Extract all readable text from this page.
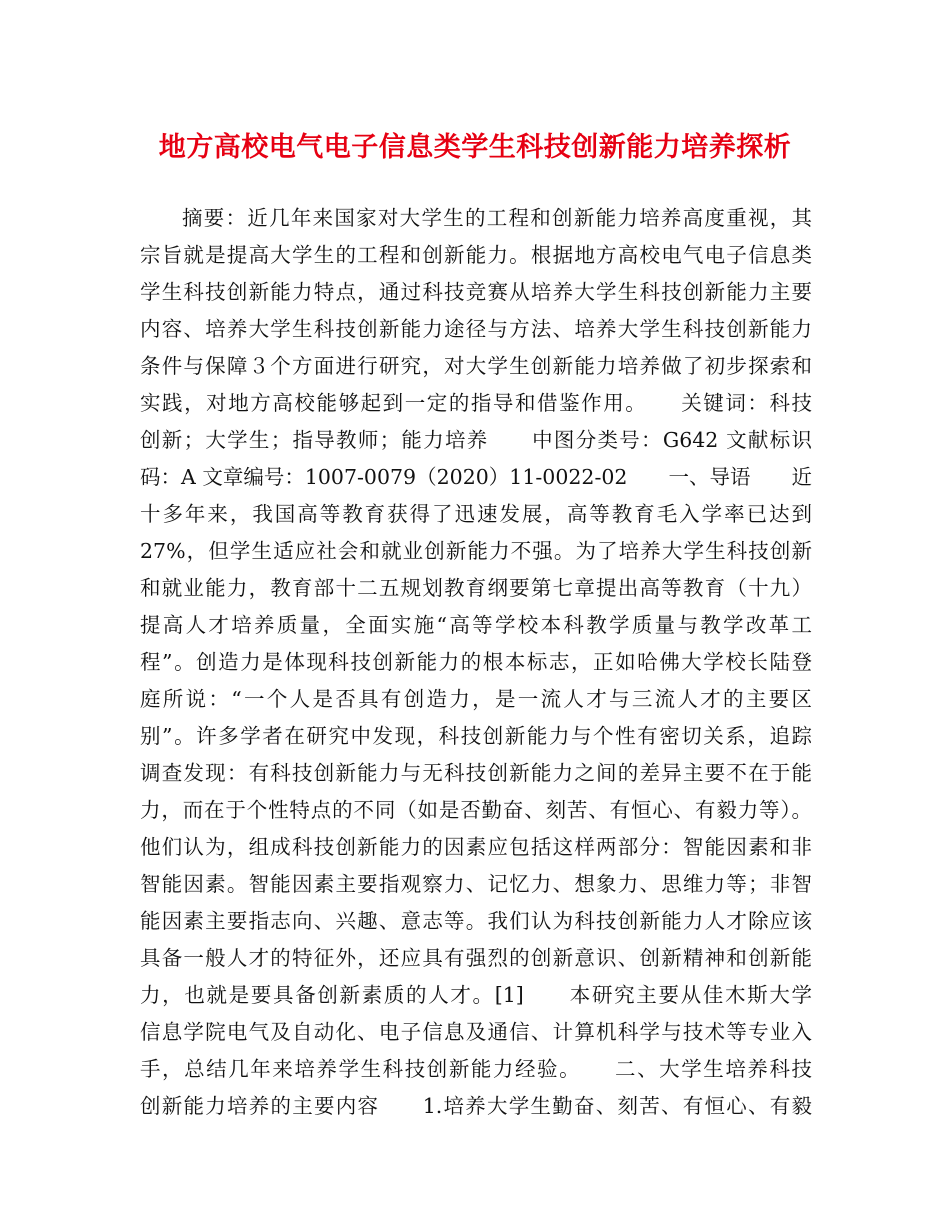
地方高校电气电子信息类学生科技创新能力培养探析
摘要：近几年来国家对大学生的工程和创新能力培养高度重视，其
宗旨就是提高大学生的工程和创新能力。根据地方高校电气电子信息类
学生科技创新能力特点，通过科技竞赛从培养大学生科技创新能力主要
内容、培养大学生科技创新能力途径与方法、培养大学生科技创新能力
条件与保障３个方面进行研究，对大学生创新能力培养做了初步探索和
实践，对地方高校能够起到一定的指导和借鉴作用。　　关键词：科技
创新；大学生；指导教师；能力培养　　中图分类号：G642 文献标识
码：A 文章编号：1007-0079（2020）11-0022-02　　一、导语　　近
十多年来，我国高等教育获得了迅速发展，高等教育毛入学率已达到
27%，但学生适应社会和就业创新能力不强。为了培养大学生科技创新
和就业能力，教育部十二五规划教育纲要第七章提出高等教育（十九）
提高人才培养质量，全面实施“高等学校本科教学质量与教学改革工
程”。创造力是体现科技创新能力的根本标志，正如哈佛大学校长陆登
庭所说：“一个人是否具有创造力，是一流人才与三流人才的主要区
别”。许多学者在研究中发现，科技创新能力与个性有密切关系，追踪
调查发现：有科技创新能力与无科技创新能力之间的差异主要不在于能
力，而在于个性特点的不同（如是否勤奋、刻苦、有恒心、有毅力等）。
他们认为，组成科技创新能力的因素应包括这样两部分：智能因素和非
智能因素。智能因素主要指观察力、记忆力、想象力、思维力等；非智
能因素主要指志向、兴趣、意志等。我们认为科技创新能力人才除应该
具备一般人才的特征外，还应具有强烈的创新意识、创新精神和创新能
力，也就是要具备创新素质的人才。[1]　　本研究主要从佳木斯大学
信息学院电气及自动化、电子信息及通信、计算机科学与技术等专业入
手，总结几年来培养学生科技创新能力经验。　　二、大学生培养科技
创新能力培养的主要内容　　1.培养大学生勤奋、刻苦、有恒心、有毅
